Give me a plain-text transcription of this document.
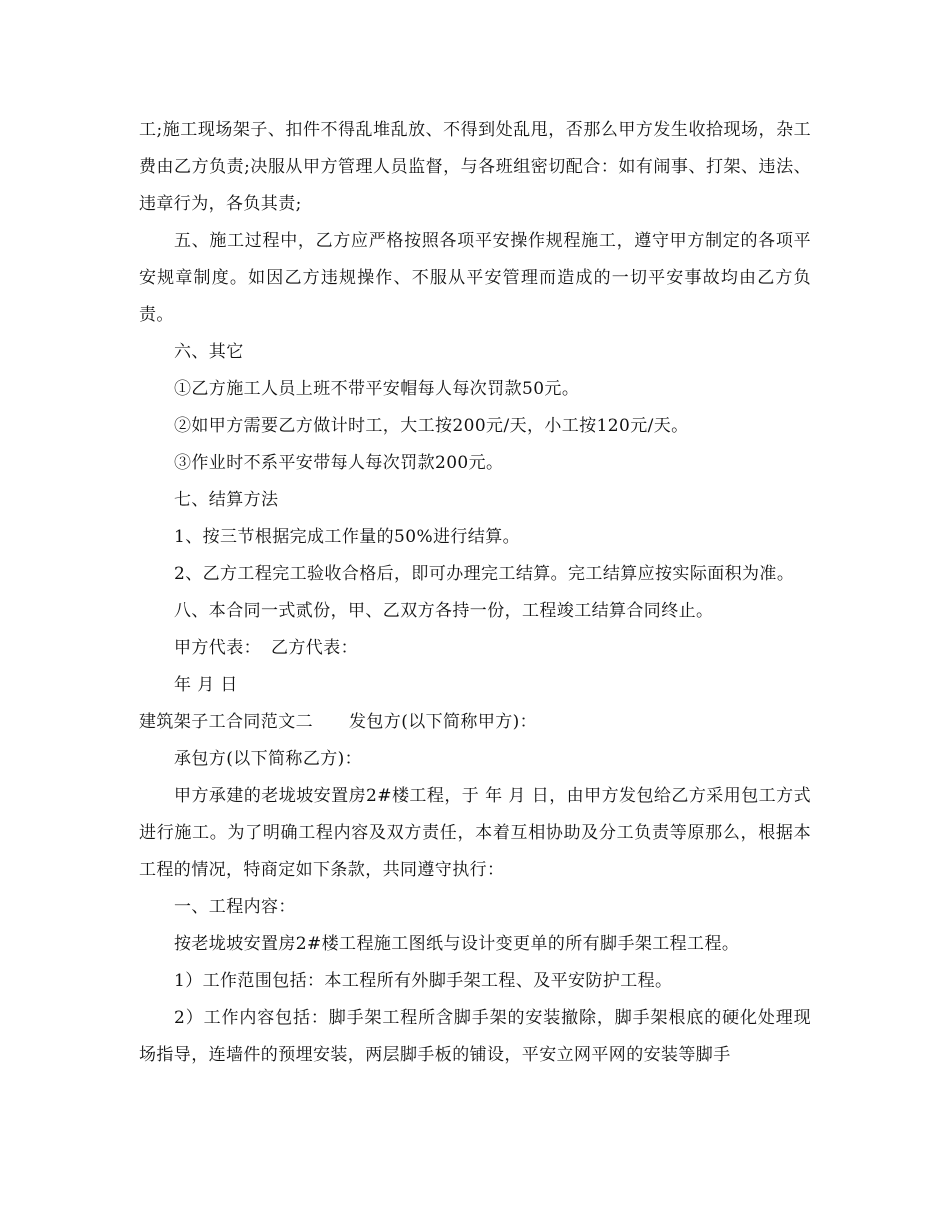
工;施工现场架子、扣件不得乱堆乱放、不得到处乱甩，否那么甲方发生收拾现场，杂工费由乙方负责;决服从甲方管理人员监督，与各班组密切配合：如有闹事、打架、违法、违章行为，各负其责;

五、施工过程中，乙方应严格按照各项平安操作规程施工，遵守甲方制定的各项平安规章制度。如因乙方违规操作、不服从平安管理而造成的一切平安事故均由乙方负责。

六、其它

①乙方施工人员上班不带平安帽每人每次罚款50元。

②如甲方需要乙方做计时工，大工按200元/天，小工按120元/天。

③作业时不系平安带每人每次罚款200元。

七、结算方法

1、按三节根据完成工作量的50%进行结算。

2、乙方工程完工验收合格后，即可办理完工结算。完工结算应按实际面积为准。

八、本合同一式贰份，甲、乙双方各持一份，工程竣工结算合同终止。

甲方代表： 乙方代表：

年 月 日

建筑架子工合同范文二 发包方(以下简称甲方)：

承包方(以下简称乙方)：

甲方承建的老垅坡安置房2#楼工程，于 年 月 日，由甲方发包给乙方采用包工方式进行施工。为了明确工程内容及双方责任，本着互相协助及分工负责等原那么，根据本工程的情况，特商定如下条款，共同遵守执行：

一、工程内容：

按老垅坡安置房2#楼工程施工图纸与设计变更单的所有脚手架工程工程。

1）工作范围包括：本工程所有外脚手架工程、及平安防护工程。

2）工作内容包括：脚手架工程所含脚手架的安装撤除，脚手架根底的硬化处理现场指导，连墙件的预埋安装，两层脚手板的铺设，平安立网平网的安装等脚手
